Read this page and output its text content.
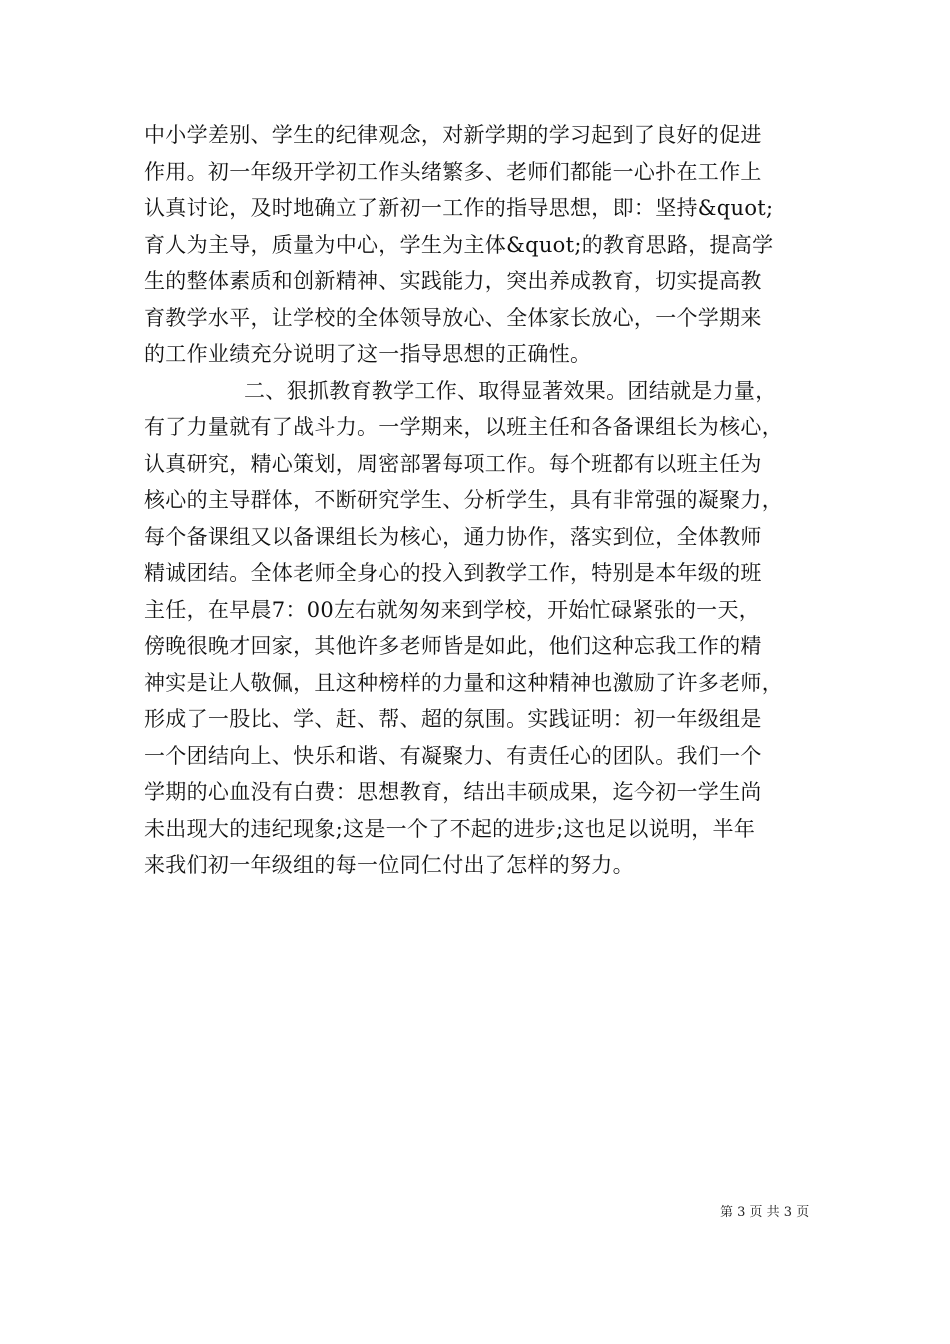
中小学差别、学生的纪律观念，对新学期的学习起到了良好的促进
作用。初一年级开学初工作头绪繁多、老师们都能一心扑在工作上
认真讨论，及时地确立了新初一工作的指导思想，即：坚持&quot;
育人为主导，质量为中心，学生为主体&quot;的教育思路，提高学
生的整体素质和创新精神、实践能力，突出养成教育，切实提高教
育教学水平，让学校的全体领导放心、全体家长放心，一个学期来
的工作业绩充分说明了这一指导思想的正确性。
二、狠抓教育教学工作、取得显著效果。团结就是力量，
有了力量就有了战斗力。一学期来，以班主任和各备课组长为核心，
认真研究，精心策划，周密部署每项工作。每个班都有以班主任为
核心的主导群体，不断研究学生、分析学生，具有非常强的凝聚力，
每个备课组又以备课组长为核心，通力协作，落实到位，全体教师
精诚团结。全体老师全身心的投入到教学工作，特别是本年级的班
主任，在早晨7：00左右就匆匆来到学校，开始忙碌紧张的一天，
傍晚很晚才回家，其他许多老师皆是如此，他们这种忘我工作的精
神实是让人敬佩，且这种榜样的力量和这种精神也激励了许多老师，
形成了一股比、学、赶、帮、超的氛围。实践证明：初一年级组是
一个团结向上、快乐和谐、有凝聚力、有责任心的团队。我们一个
学期的心血没有白费：思想教育，结出丰硕成果，迄今初一学生尚
未出现大的违纪现象;这是一个了不起的进步;这也足以说明，半年
来我们初一年级组的每一位同仁付出了怎样的努力。
第 3 页 共 3 页
